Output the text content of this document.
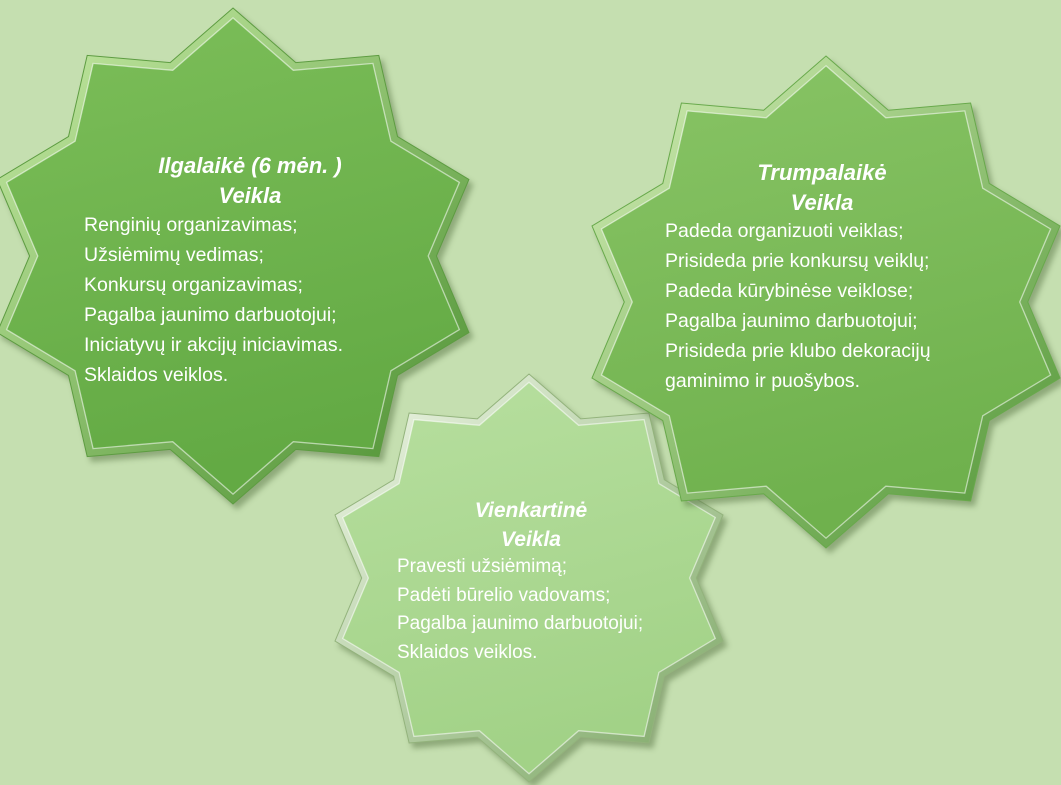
Ilgalaikė (6 mėn. )
Veikla

Renginių organizavimas;

Užsiėmimų vedimas;

Konkursų organizavimas;

Pagalba jaunimo darbuotojui;

Iniciatyvų ir akcijų iniciavimas.

Sklaidos veiklos.

Trumpalaikė
Veikla

Padeda organizuoti veiklas;

Prisideda prie konkursų veiklų;

Padeda kūrybinėse veiklose;

Pagalba jaunimo darbuotojui;

Prisideda prie klubo dekoracijų gaminimo ir puošybos.

Vienkartinė
Veikla

Pravesti užsiėmimą;

Padėti būrelio vadovams;

Pagalba jaunimo darbuotojui;

Sklaidos veiklos.
